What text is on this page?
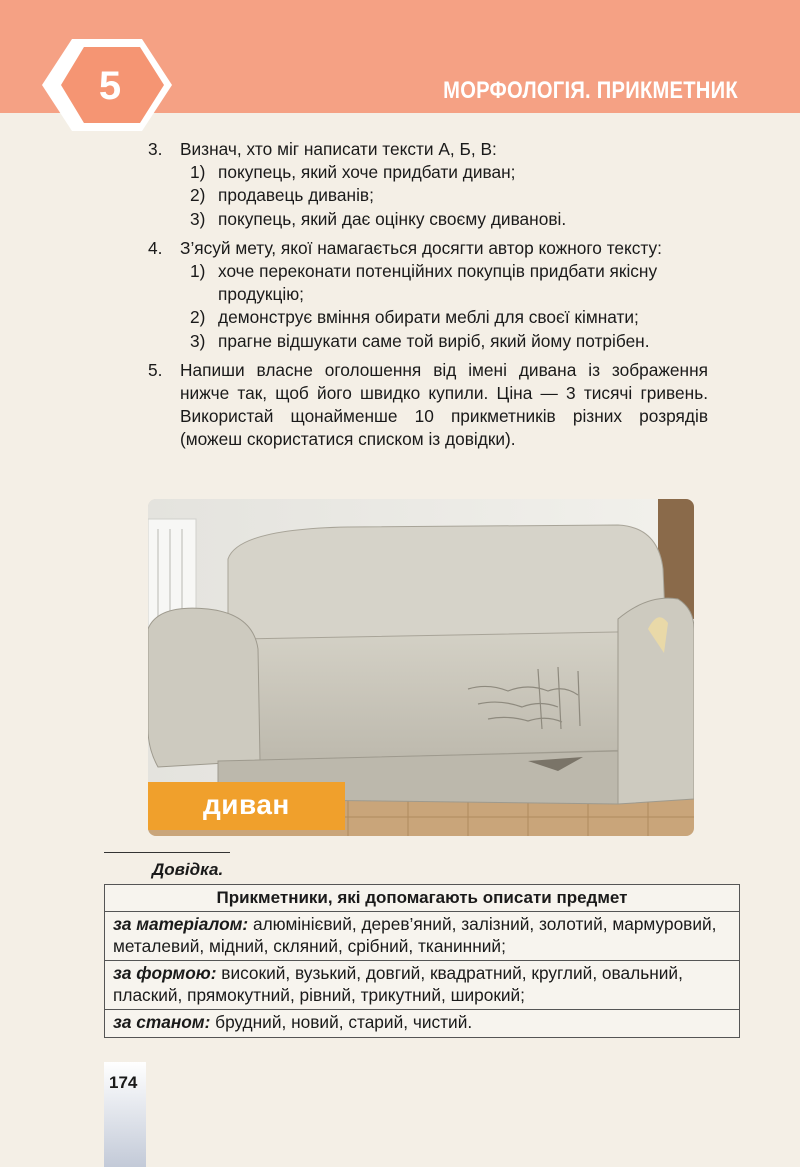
5	МОРФОЛОГІЯ. ПРИКМЕТНИК
3.	Визнач, хто міг написати тексти А, Б, В:
1) покупець, який хоче придбати диван;
2) продавець диванів;
3) покупець, який дає оцінку своєму диванові.
4.	З’ясуй мету, якої намагається досягти автор кожного тексту:
1) хоче переконати потенційних покупців придбати якісну продукцію;
2) демонструє вміння обирати меблі для своєї кімнати;
3) прагне відшукати саме той виріб, який йому потрібен.
5.	Напиши власне оголошення від імені дивана із зображення нижче так, щоб його швидко купили. Ціна — 3 тисячі гривень. Використай щонайменше 10 прикметників різних розрядів (можеш скористатися списком із довідки).
диван
Довідка.
Прикметники, які допомагають описати предмет
за матеріалом: алюмінієвий, дерев’яний, залізний, золотий, мармуровий, металевий, мідний, скляний, срібний, тканинний;
за формою: високий, вузький, довгий, квадратний, круглий, овальний, плаский, прямокутний, рівний, трикутний, широкий;
за станом: брудний, новий, старий, чистий.
174
